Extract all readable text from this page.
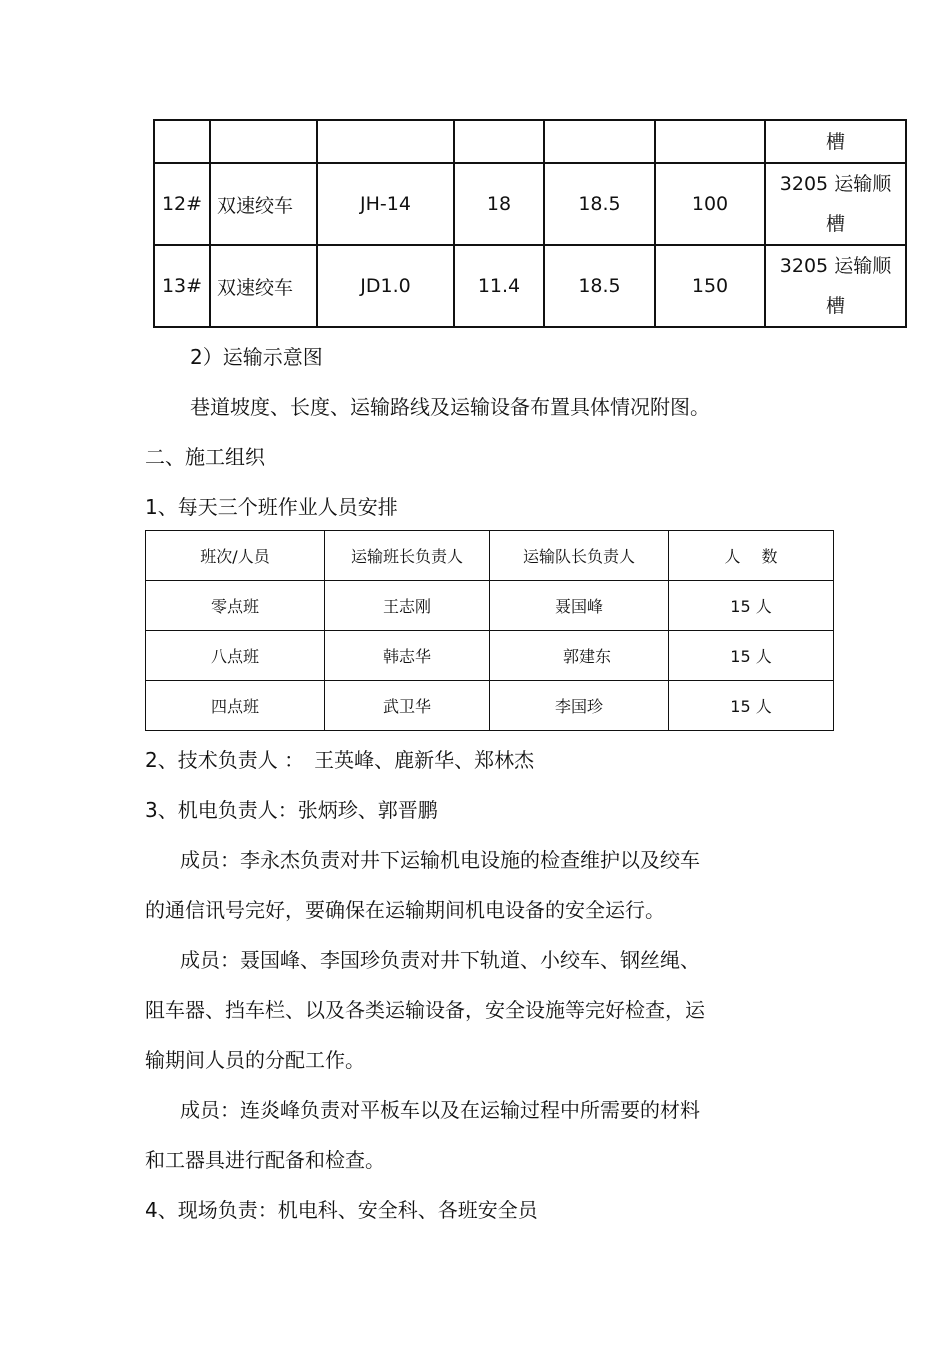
						槽
12#	双速绞车	JH-14	18	18.5	100	3205 运输顺
槽

13#	双速绞车	JD1.0	11.4	18.5	150	3205 运输顺
槽
2）运输示意图
巷道坡度、长度、运输路线及运输设备布置具体情况附图。
二、施工组织
1、每天三个班作业人员安排
班次/人员	运输班长负责人	运输队长负责人	人　 数
零点班	王志刚	聂国峰	15 人
八点班	韩志华	郭建东	15 人
四点班	武卫华	李国珍	15 人
2、技术负责人 ：　王英峰、鹿新华、郑林杰
3、机电负责人：张炳珍、郭晋鹏
成员：李永杰负责对井下运输机电设施的检查维护以及绞车
的通信讯号完好，要确保在运输期间机电设备的安全运行。
成员：聂国峰、李国珍负责对井下轨道、小绞车、钢丝绳、
阻车器、挡车栏、以及各类运输设备，安全设施等完好检查，运
输期间人员的分配工作。
成员：连炎峰负责对平板车以及在运输过程中所需要的材料
和工器具进行配备和检查。
4、现场负责：机电科、安全科、各班安全员
